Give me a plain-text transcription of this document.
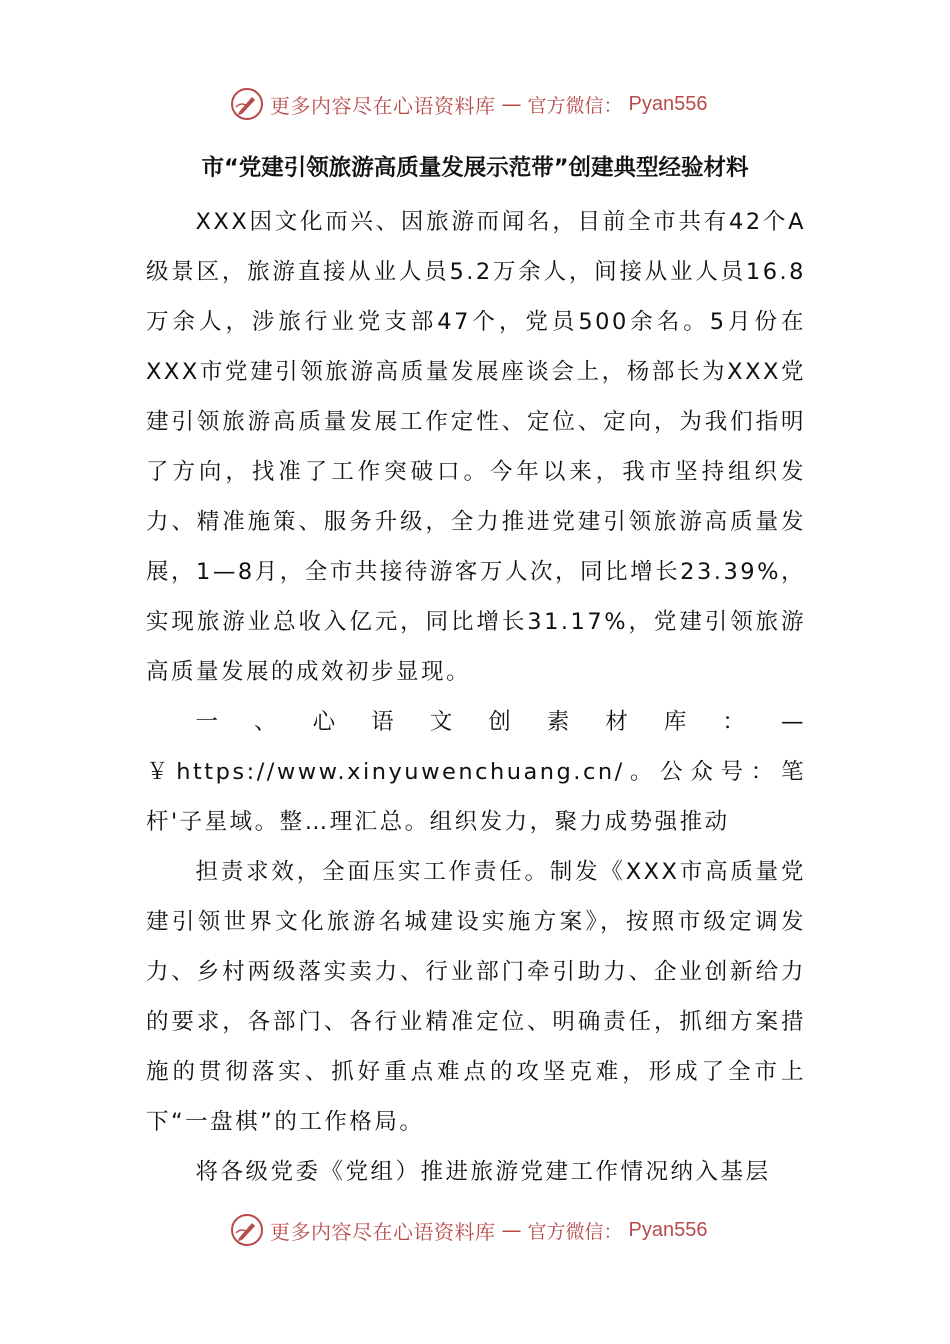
更多内容尽在心语资料库 — 官方微信： Pyan556
市“党建引领旅游高质量发展示范带”创建典型经验材料

XXX因文化而兴、因旅游而闻名，目前全市共有42个A级景区，旅游直接从业人员5.2万余人，间接从业人员16.8万余人，涉旅行业党支部47个，党员500余名。5月份在XXX市党建引领旅游高质量发展座谈会上，杨部长为XXX党建引领旅游高质量发展工作定性、定位、定向，为我们指明了方向，找准了工作突破口。今年以来，我市坚持组织发力、精准施策、服务升级，全力推进党建引领旅游高质量发展，1—8月，全市共接待游客万人次，同比增长23.39%，实现旅游业总收入亿元，同比增长31.17%，党建引领旅游高质量发展的成效初步显现。

一、心语文创素材库：—￥https://www.xinyuwenchuang.cn/。公众号：笔杆'子星域。整…理汇总。组织发力，聚力成势强推动

担责求效，全面压实工作责任。制发《XXX市高质量党建引领世界文化旅游名城建设实施方案》，按照市级定调发力、乡村两级落实卖力、行业部门牵引助力、企业创新给力的要求，各部门、各行业精准定位、明确责任，抓细方案措施的贯彻落实、抓好重点难点的攻坚克难，形成了全市上下“一盘棋”的工作格局。

将各级党委《党组）推进旅游党建工作情况纳入基层

更多内容尽在心语资料库 — 官方微信： Pyan556
